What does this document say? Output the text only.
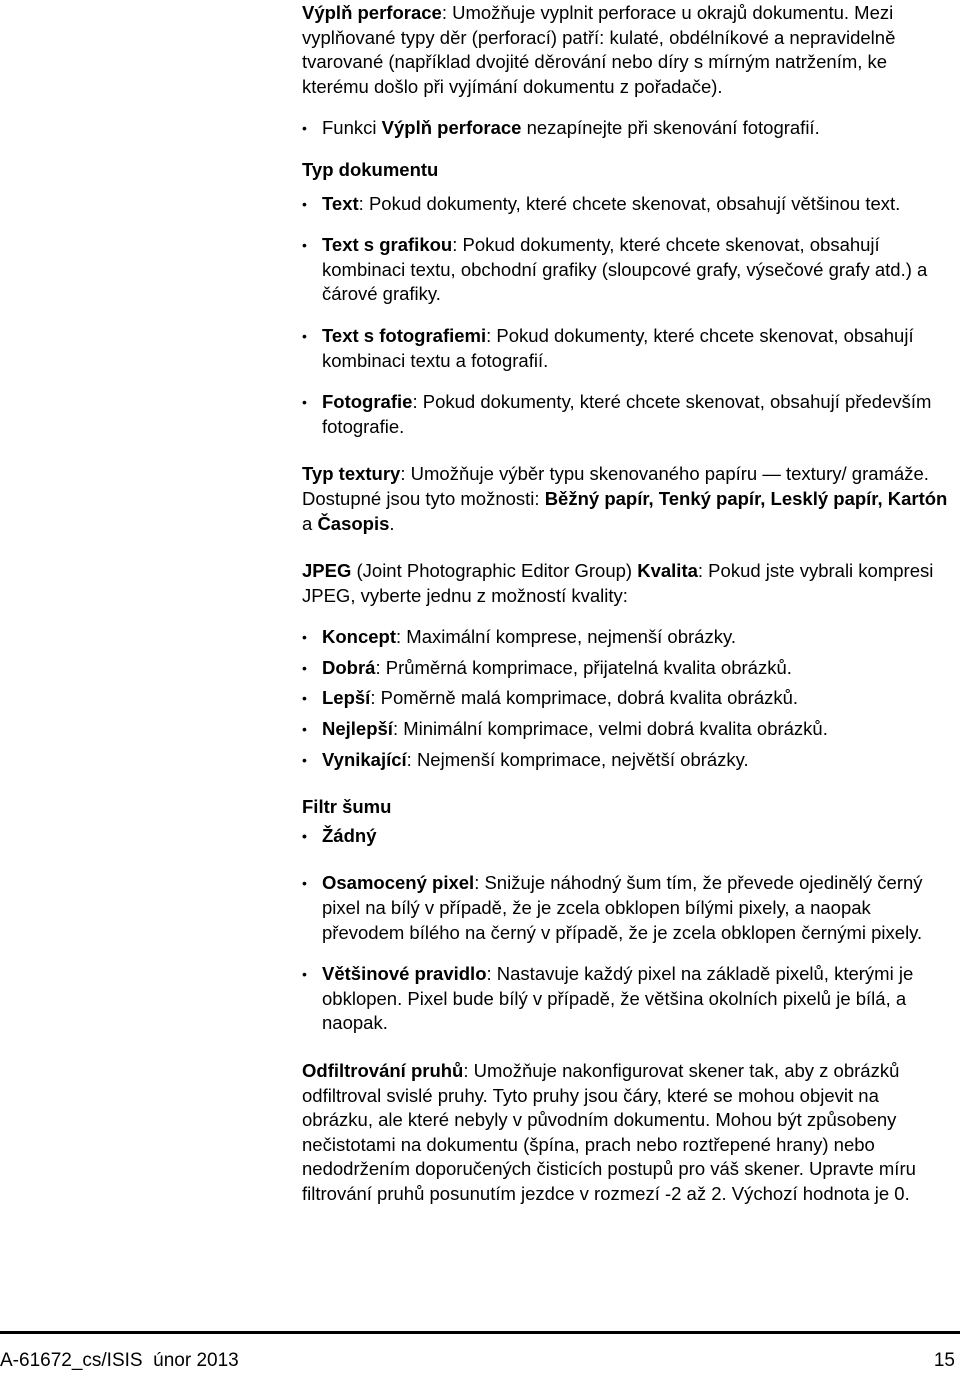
Výplň perforace: Umožňuje vyplnit perforace u okrajů dokumentu. Mezi vyplňované typy děr (perforací) patří: kulaté, obdélníkové a nepravidelně tvarované (například dvojité děrování nebo díry s mírným natržením, ke kterému došlo při vyjímání dokumentu z pořadače).

• Funkci Výplň perforace nezapínejte při skenování fotografií.

Typ dokumentu

• Text: Pokud dokumenty, které chcete skenovat, obsahují většinou text.

• Text s grafikou: Pokud dokumenty, které chcete skenovat, obsahují kombinaci textu, obchodní grafiky (sloupcové grafy, výsečové grafy atd.) a čárové grafiky.

• Text s fotografiemi: Pokud dokumenty, které chcete skenovat, obsahují kombinaci textu a fotografií.

• Fotografie: Pokud dokumenty, které chcete skenovat, obsahují především fotografie.

Typ textury: Umožňuje výběr typu skenovaného papíru — textury/ gramáže. Dostupné jsou tyto možnosti: Běžný papír, Tenký papír, Lesklý papír, Kartón a Časopis.

JPEG (Joint Photographic Editor Group) Kvalita: Pokud jste vybrali kompresi JPEG, vyberte jednu z možností kvality:

• Koncept: Maximální komprese, nejmenší obrázky.

• Dobrá: Průměrná komprimace, přijatelná kvalita obrázků.

• Lepší: Poměrně malá komprimace, dobrá kvalita obrázků.

• Nejlepší: Minimální komprimace, velmi dobrá kvalita obrázků.

• Vynikající: Nejmenší komprimace, největší obrázky.

Filtr šumu

• Žádný

• Osamocený pixel: Snižuje náhodný šum tím, že převede ojedinělý černý pixel na bílý v případě, že je zcela obklopen bílými pixely, a naopak převodem bílého na černý v případě, že je zcela obklopen černými pixely.

• Většinové pravidlo: Nastavuje každý pixel na základě pixelů, kterými je obklopen. Pixel bude bílý v případě, že většina okolních pixelů je bílá, a naopak.

Odfiltrování pruhů: Umožňuje nakonfigurovat skener tak, aby z obrázků odfiltroval svislé pruhy. Tyto pruhy jsou čáry, které se mohou objevit na obrázku, ale které nebyly v původním dokumentu. Mohou být způsobeny nečistotami na dokumentu (špína, prach nebo roztřepené hrany) nebo nedodržením doporučených čisticích postupů pro váš skener. Upravte míru filtrování pruhů posunutím jezdce v rozmezí -2 až 2. Výchozí hodnota je 0.

A-61672_cs/ISIS  únor 2013	15
